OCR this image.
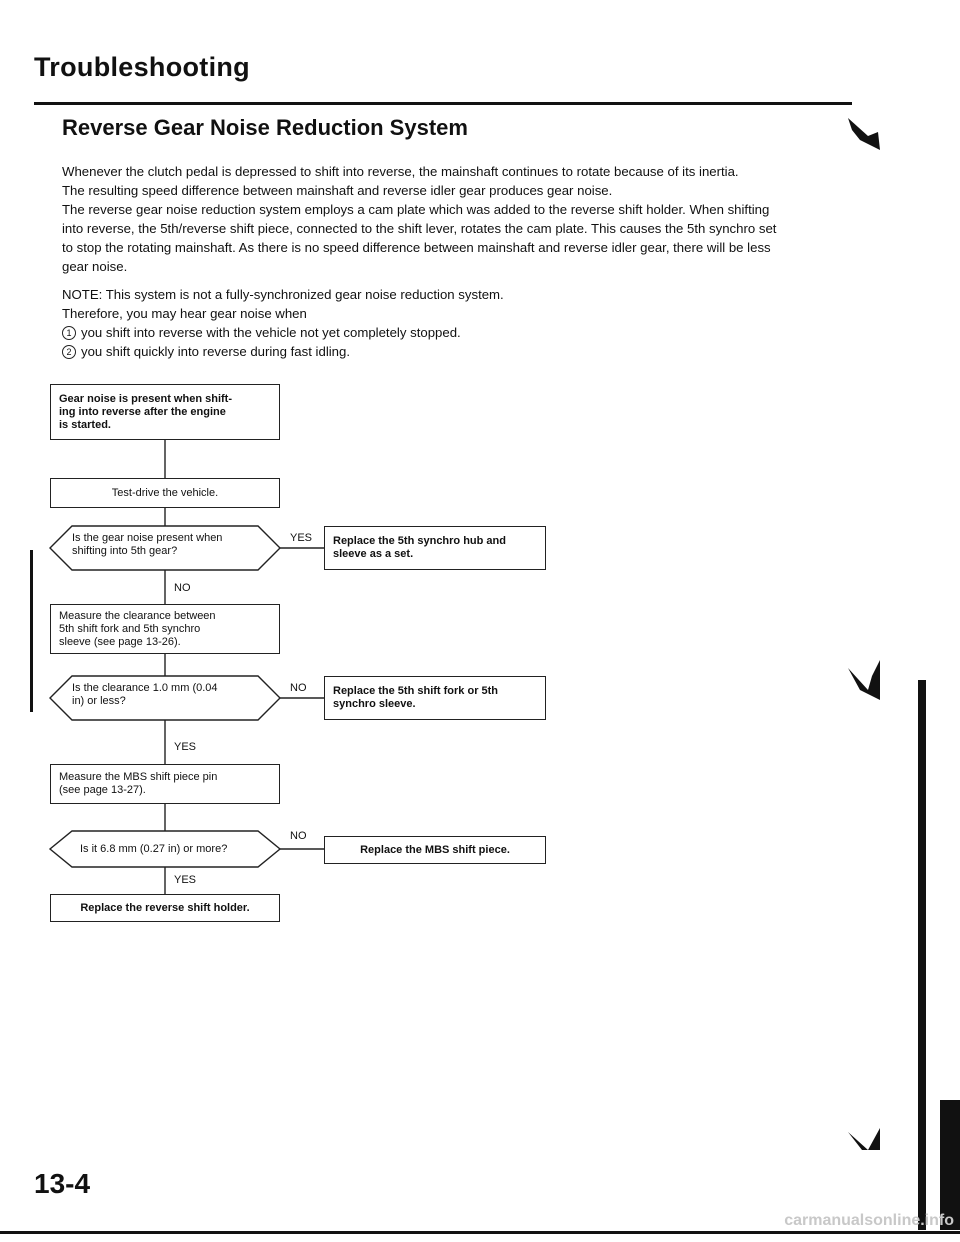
Troubleshooting
Reverse Gear Noise Reduction System
Whenever the clutch pedal is depressed to shift into reverse, the mainshaft continues to rotate because of its inertia.
The resulting speed difference between mainshaft and reverse idler gear produces gear noise.
The reverse gear noise reduction system employs a cam plate which was added to the reverse shift holder. When shifting
into reverse, the 5th/reverse shift piece, connected to the shift lever, rotates the cam plate. This causes the 5th synchro set
to stop the rotating mainshaft. As there is no speed difference between mainshaft and reverse idler gear, there will be less
gear noise.
NOTE: This system is not a fully-synchronized gear noise reduction system.
Therefore, you may hear gear noise when
1 you shift into reverse with the vehicle not yet completely stopped.
2 you shift quickly into reverse during fast idling.
Gear noise is present when shift-
ing into reverse after the engine
is started.
Test-drive the vehicle.
Is the gear noise present when
shifting into 5th gear?
YES Replace the 5th synchro hub and
sleeve as a set.
NO
Measure the clearance between
5th shift fork and 5th synchro
sleeve (see page 13-26).
Is the clearance 1.0 mm (0.04
in) or less?
NO Replace the 5th shift fork or 5th
synchro sleeve.
YES
Measure the MBS shift piece pin
(see page 13-27).
Is it 6.8 mm (0.27 in) or more?
NO
Replace the MBS shift piece.
YES
Replace the reverse shift holder.
13-4
carmanualsonline.info
